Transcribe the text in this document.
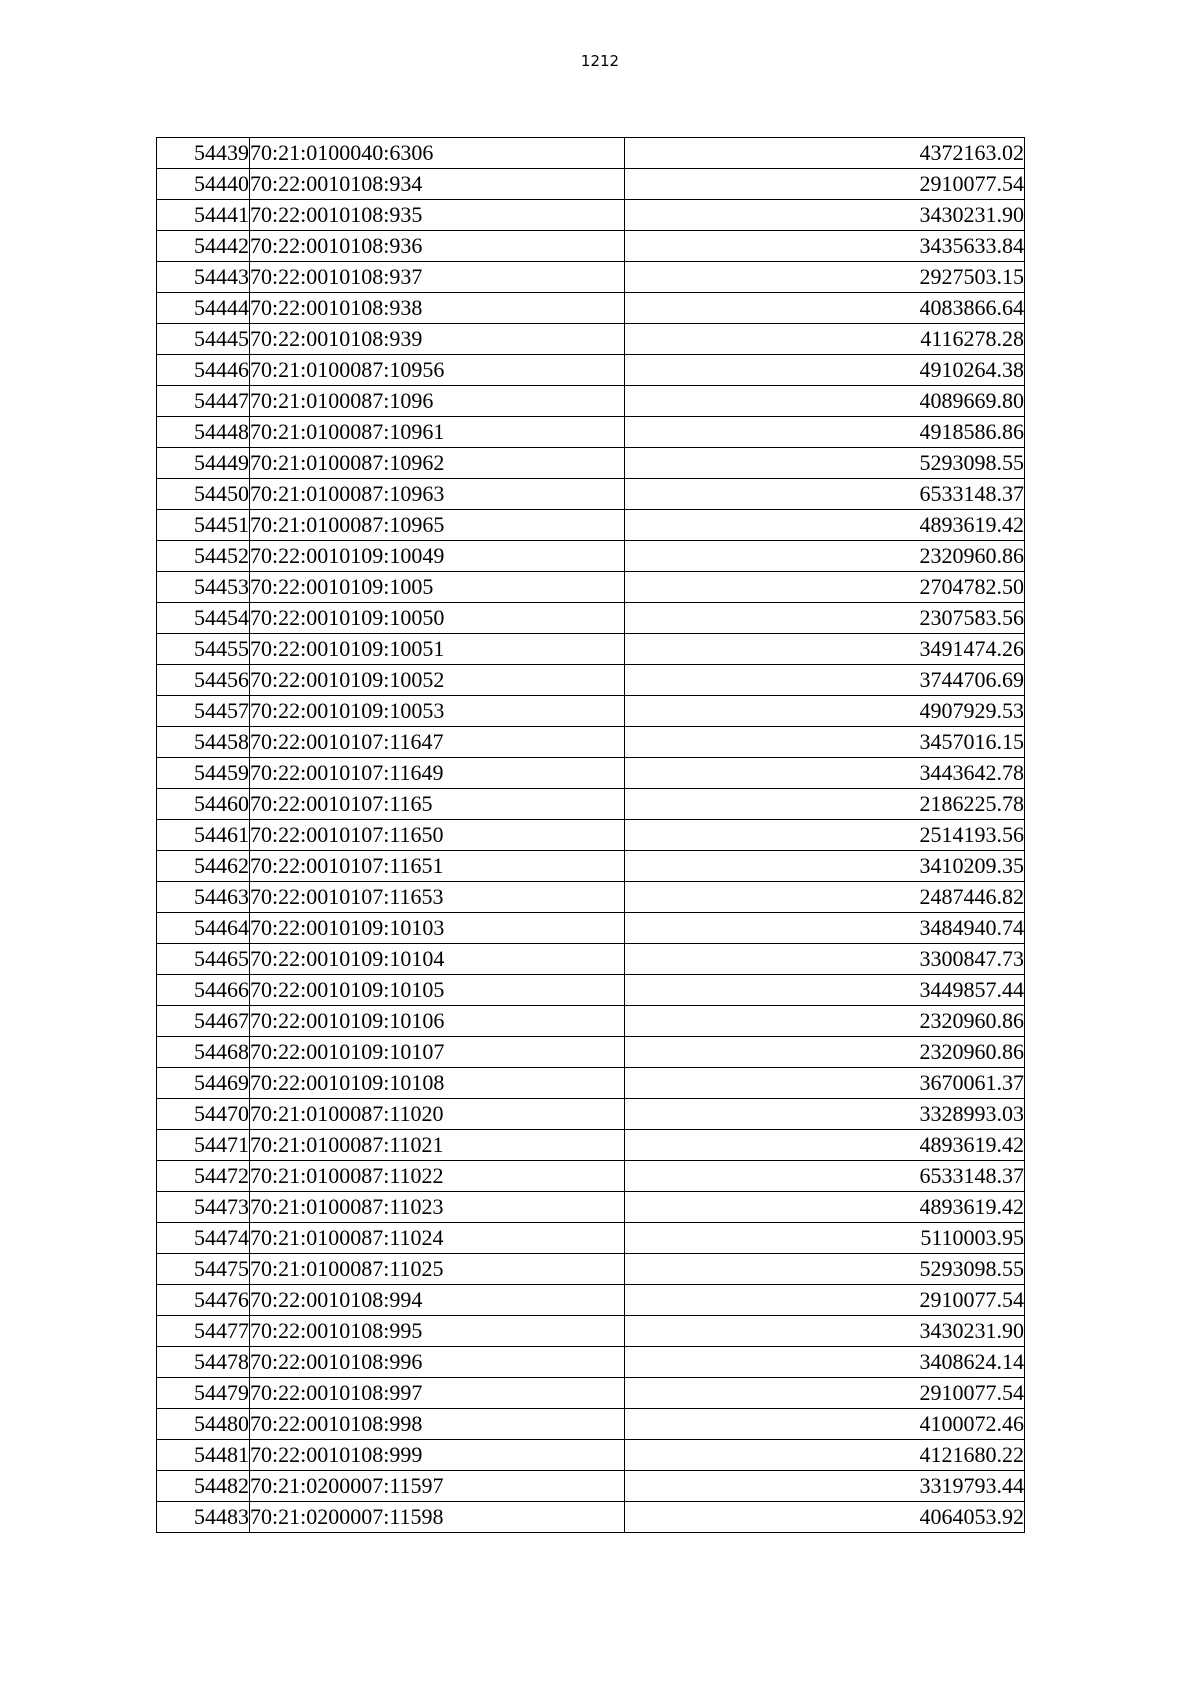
1212
54439	70:21:0100040:6306	4372163.02
54440	70:22:0010108:934	2910077.54
54441	70:22:0010108:935	3430231.90
54442	70:22:0010108:936	3435633.84
54443	70:22:0010108:937	2927503.15
54444	70:22:0010108:938	4083866.64
54445	70:22:0010108:939	4116278.28
54446	70:21:0100087:10956	4910264.38
54447	70:21:0100087:1096	4089669.80
54448	70:21:0100087:10961	4918586.86
54449	70:21:0100087:10962	5293098.55
54450	70:21:0100087:10963	6533148.37
54451	70:21:0100087:10965	4893619.42
54452	70:22:0010109:10049	2320960.86
54453	70:22:0010109:1005	2704782.50
54454	70:22:0010109:10050	2307583.56
54455	70:22:0010109:10051	3491474.26
54456	70:22:0010109:10052	3744706.69
54457	70:22:0010109:10053	4907929.53
54458	70:22:0010107:11647	3457016.15
54459	70:22:0010107:11649	3443642.78
54460	70:22:0010107:1165	2186225.78
54461	70:22:0010107:11650	2514193.56
54462	70:22:0010107:11651	3410209.35
54463	70:22:0010107:11653	2487446.82
54464	70:22:0010109:10103	3484940.74
54465	70:22:0010109:10104	3300847.73
54466	70:22:0010109:10105	3449857.44
54467	70:22:0010109:10106	2320960.86
54468	70:22:0010109:10107	2320960.86
54469	70:22:0010109:10108	3670061.37
54470	70:21:0100087:11020	3328993.03
54471	70:21:0100087:11021	4893619.42
54472	70:21:0100087:11022	6533148.37
54473	70:21:0100087:11023	4893619.42
54474	70:21:0100087:11024	5110003.95
54475	70:21:0100087:11025	5293098.55
54476	70:22:0010108:994	2910077.54
54477	70:22:0010108:995	3430231.90
54478	70:22:0010108:996	3408624.14
54479	70:22:0010108:997	2910077.54
54480	70:22:0010108:998	4100072.46
54481	70:22:0010108:999	4121680.22
54482	70:21:0200007:11597	3319793.44
54483	70:21:0200007:11598	4064053.92
